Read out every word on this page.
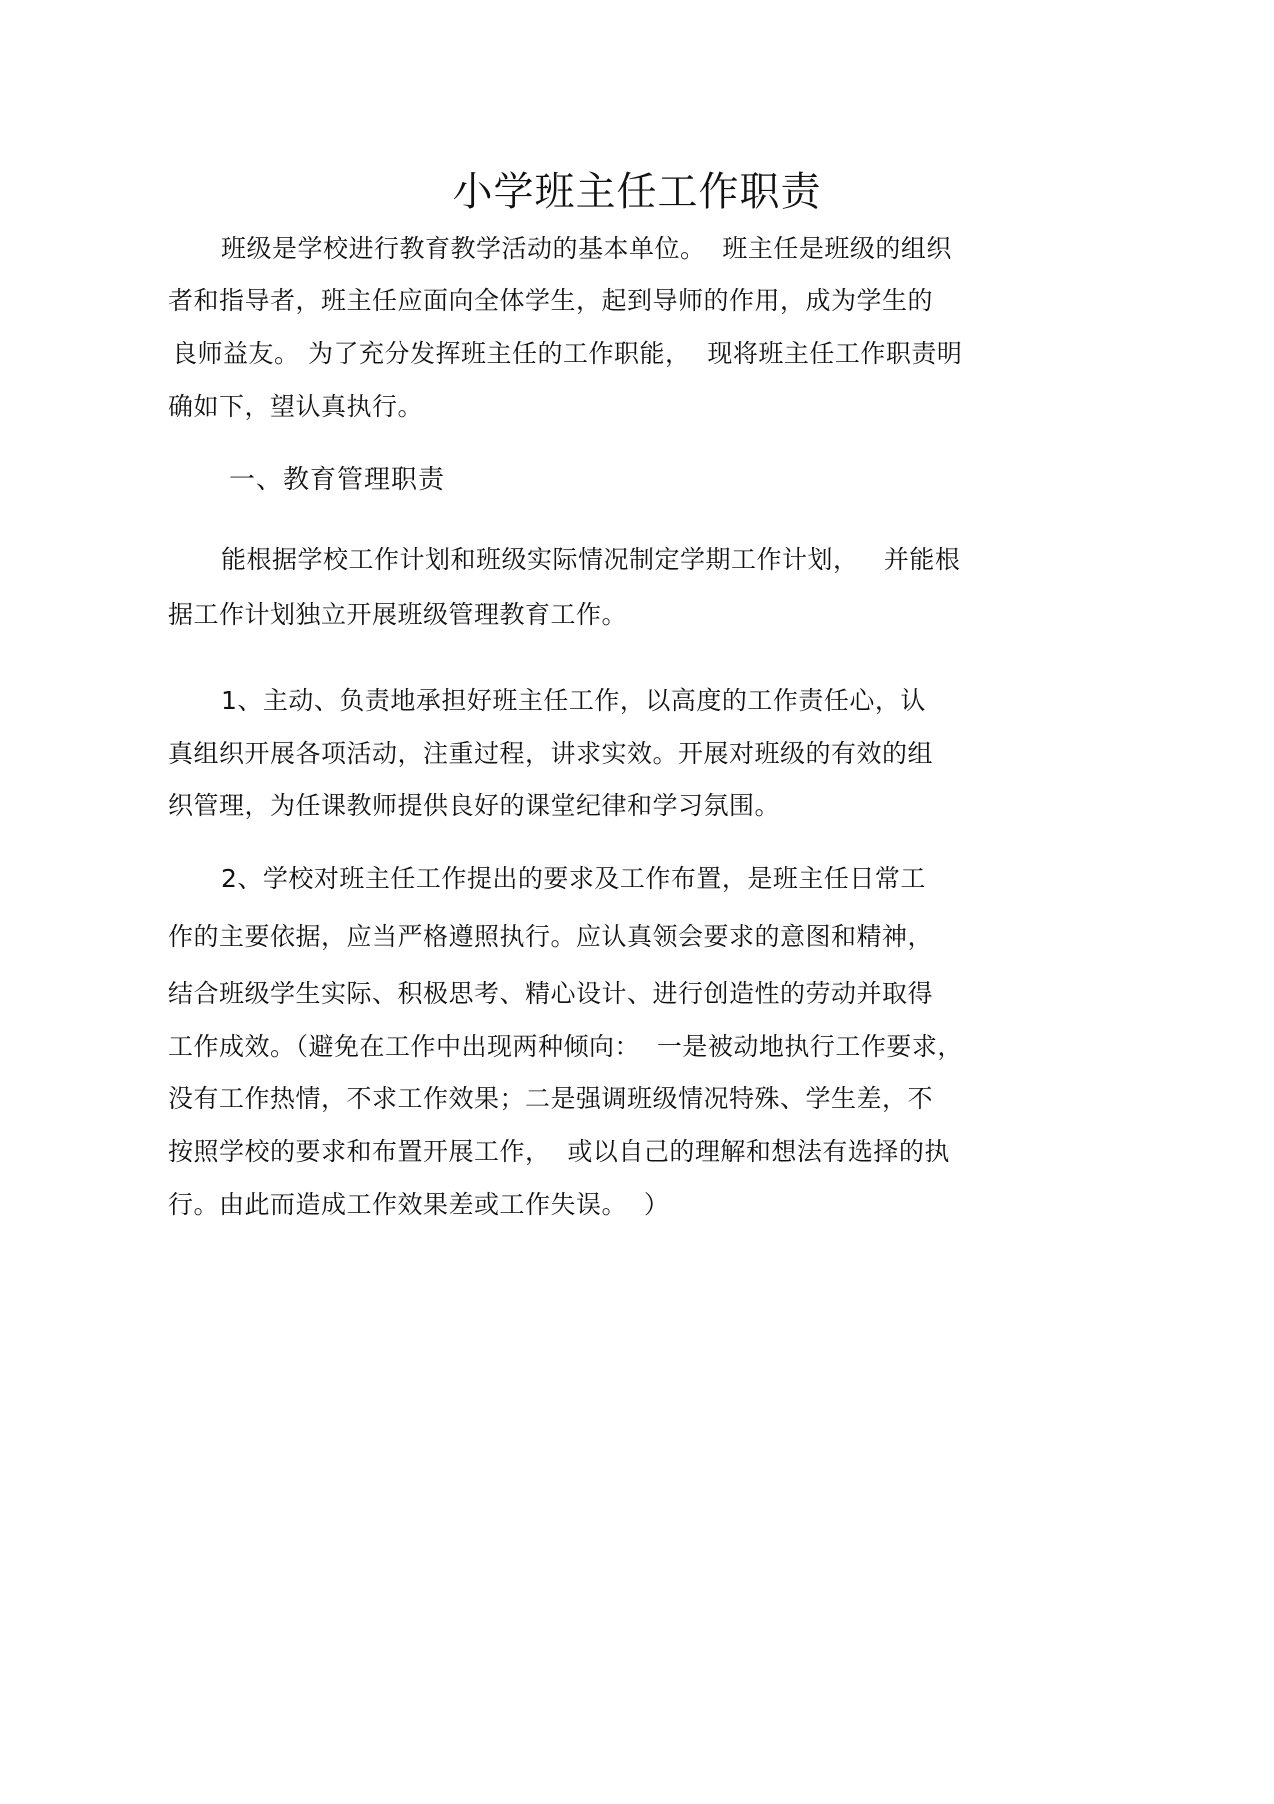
小学班主任工作职责
班级是学校进行教育教学活动的基本单位。  班主任是班级的组织
者和指导者，班主任应面向全体学生，起到导师的作用，成为学生的
良师益友。 为了充分发挥班主任的工作职能，  现将班主任工作职责明
确如下，望认真执行。
一、教育管理职责
能根据学校工作计划和班级实际情况制定学期工作计划，   并能根
据工作计划独立开展班级管理教育工作。
1、主动、负责地承担好班主任工作，以高度的工作责任心，认
真组织开展各项活动，注重过程，讲求实效。开展对班级的有效的组
织管理，为任课教师提供良好的课堂纪律和学习氛围。
2、学校对班主任工作提出的要求及工作布置，是班主任日常工
作的主要依据，应当严格遵照执行。应认真领会要求的意图和精神，
结合班级学生实际、积极思考、精心设计、进行创造性的劳动并取得
工作成效。（避免在工作中出现两种倾向：  一是被动地执行工作要求，
没有工作热情，不求工作效果；二是强调班级情况特殊、学生差，不
按照学校的要求和布置开展工作，  或以自己的理解和想法有选择的执
行。由此而造成工作效果差或工作失误。  ）
